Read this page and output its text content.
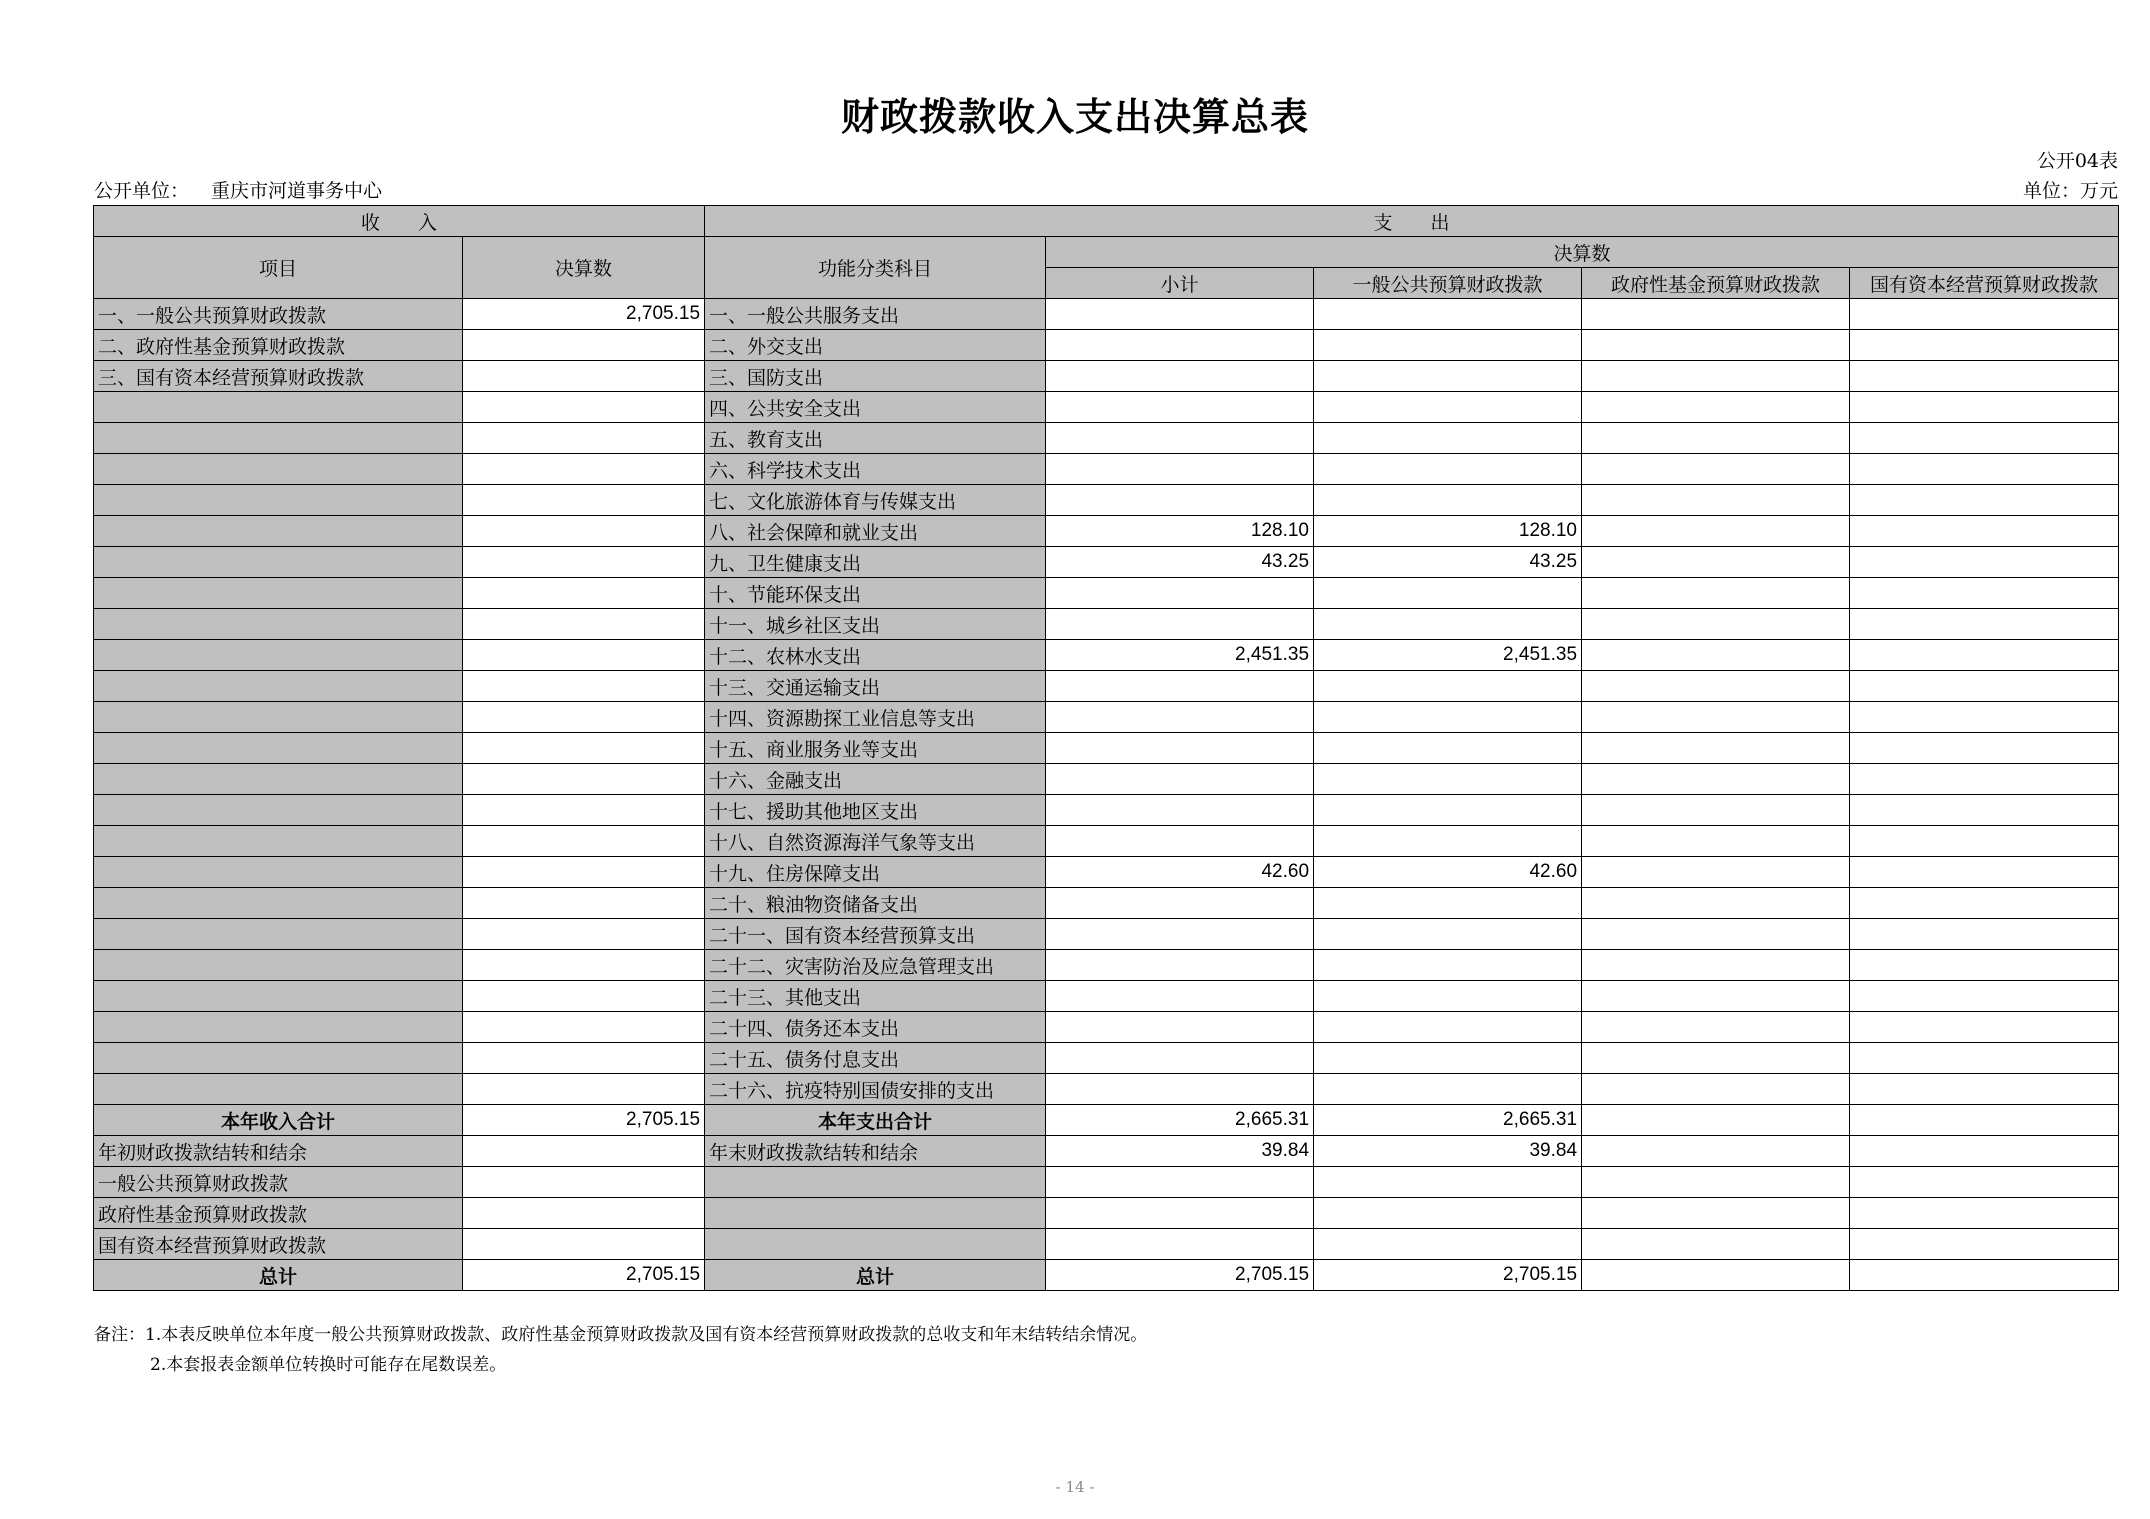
财政拨款收入支出决算总表
公开04表
公开单位： 重庆市河道事务中心	单位：万元
收　　入		支　　出				
项目	决算数	功能分类科目	决算数			
			小计	一般公共预算财政拨款	政府性基金预算财政拨款	国有资本经营预算财政拨款
一、一般公共预算财政拨款	2,705.15	一、一般公共服务支出				
二、政府性基金预算财政拨款		二、外交支出				
三、国有资本经营预算财政拨款		三、国防支出				
		四、公共安全支出				
		五、教育支出				
		六、科学技术支出				
		七、文化旅游体育与传媒支出				
		八、社会保障和就业支出	128.10	128.10		
		九、卫生健康支出	43.25	43.25		
		十、节能环保支出				
		十一、城乡社区支出				
		十二、农林水支出	2,451.35	2,451.35		
		十三、交通运输支出				
		十四、资源勘探工业信息等支出				
		十五、商业服务业等支出				
		十六、金融支出				
		十七、援助其他地区支出				
		十八、自然资源海洋气象等支出				
		十九、住房保障支出	42.60	42.60		
		二十、粮油物资储备支出				
		二十一、国有资本经营预算支出				
		二十二、灾害防治及应急管理支出				
		二十三、其他支出				
		二十四、债务还本支出				
		二十五、债务付息支出				
		二十六、抗疫特别国债安排的支出				
本年收入合计	2,705.15	本年支出合计	2,665.31	2,665.31		
年初财政拨款结转和结余		年末财政拨款结转和结余	39.84	39.84		
一般公共预算财政拨款						
政府性基金预算财政拨款						
国有资本经营预算财政拨款						
总计	2,705.15	总计	2,705.15	2,705.15		
备注：1.本表反映单位本年度一般公共预算财政拨款、政府性基金预算财政拨款及国有资本经营预算财政拨款的总收支和年末结转结余情况。
2.本套报表金额单位转换时可能存在尾数误差。
- 14 -
